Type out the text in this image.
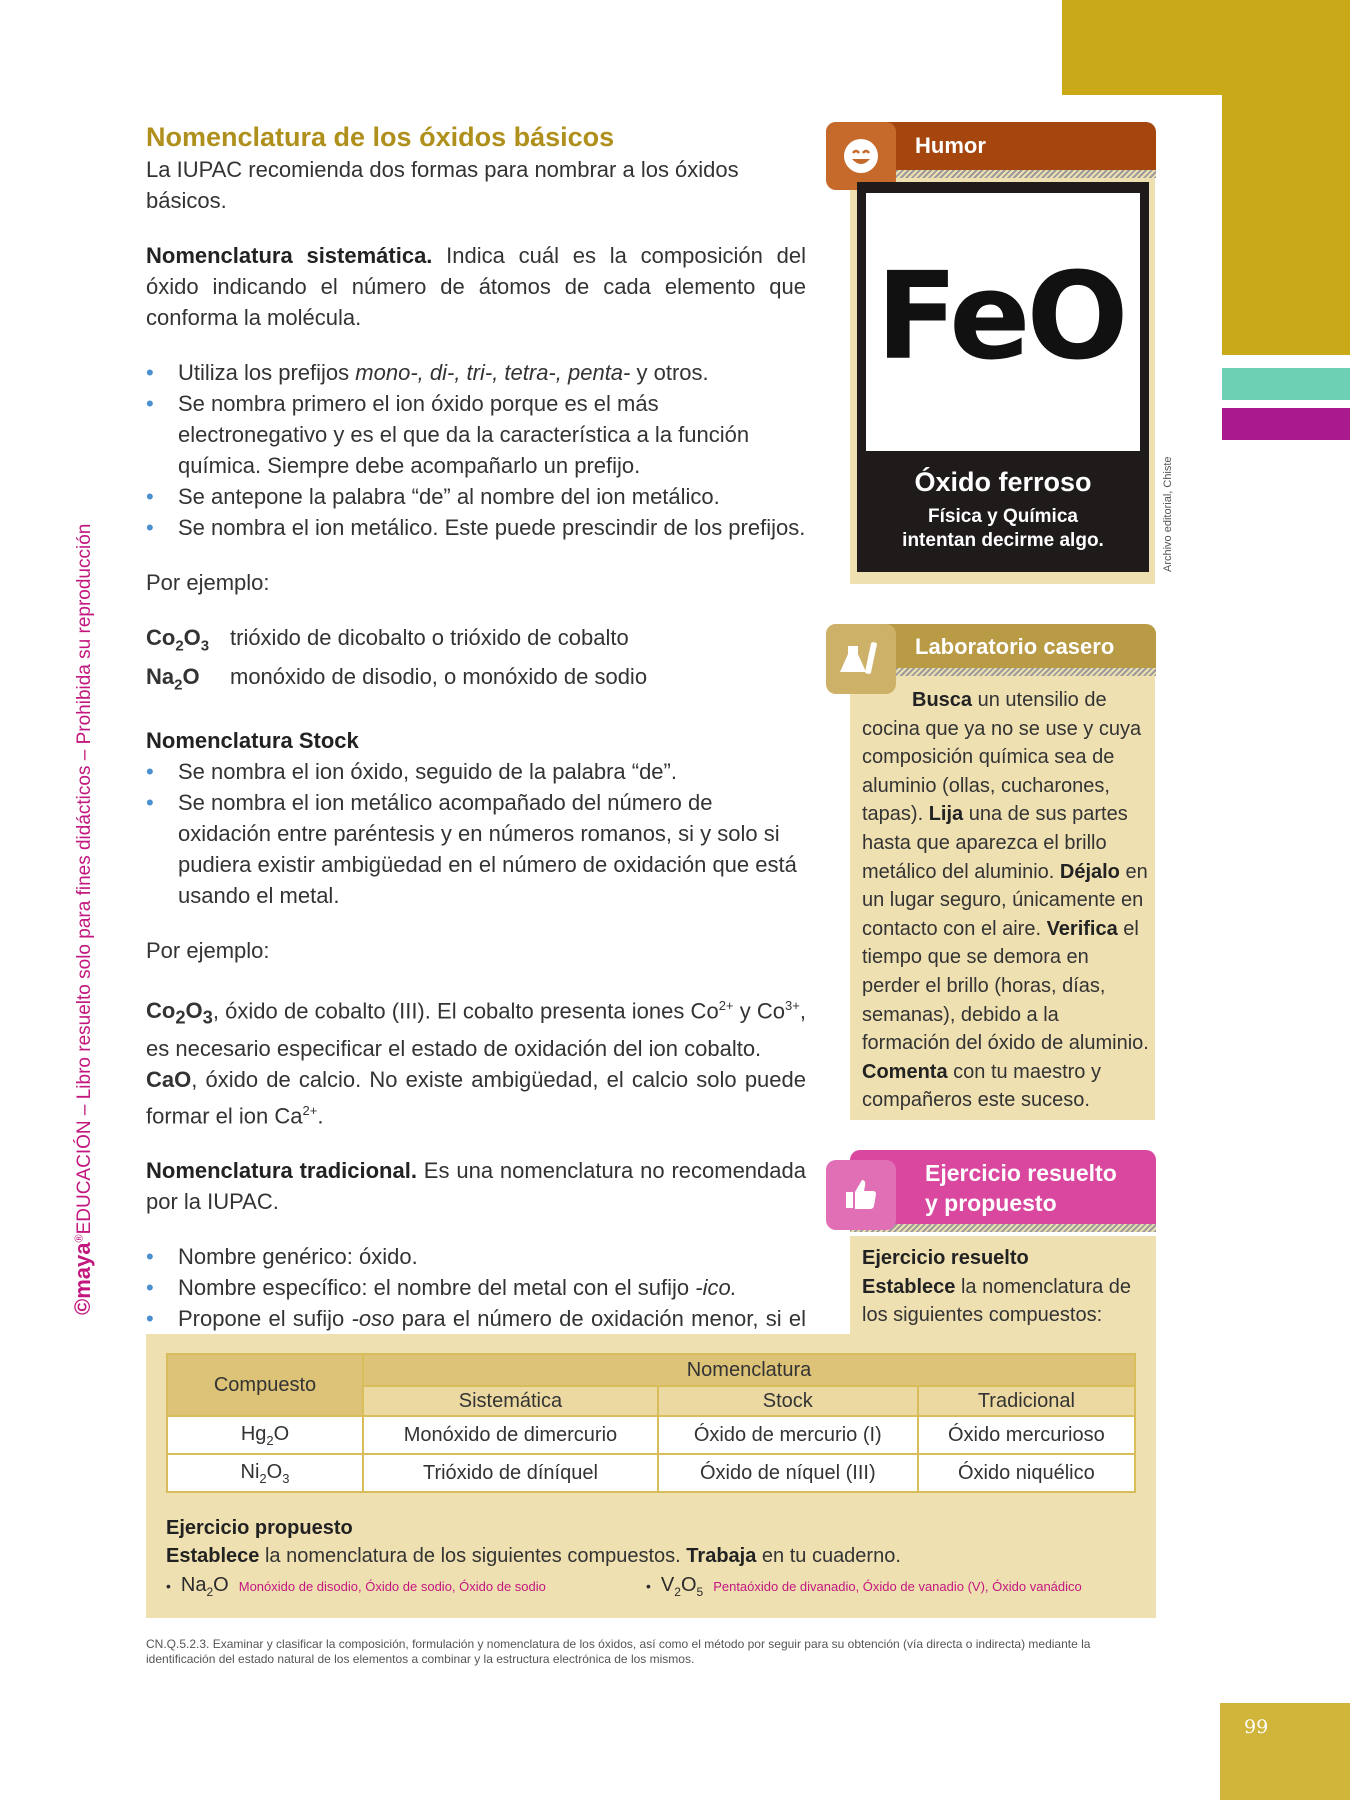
99
©maya®EDUCACIÓN – Libro resuelto solo para fines didácticos – Prohibida su reproducción
Nomenclatura de los óxidos básicos
La IUPAC recomienda dos formas para nombrar a los óxidos básicos.
Nomenclatura sistemática. Indica cuál es la composición del óxido indicando el número de átomos de cada elemento que conforma la molécula.
• Utiliza los prefijos mono-, di-, tri-, tetra-, penta- y otros.
• Se nombra primero el ion óxido porque es el más electronegativo y es el que da la característica a la función química. Siempre debe acompañarlo un prefijo.
• Se antepone la palabra “de” al nombre del ion metálico.
• Se nombra el ion metálico. Este puede prescindir de los prefijos.
Por ejemplo:
$Co_2O_3$ trióxido de dicobalto o trióxido de cobalto
$Na_2O$	monóxido de disodio, o monóxido de sodio
Nomenclatura Stock
• Se nombra el ion óxido, seguido de la palabra “de”.
• Se nombra el ion metálico acompañado del número de oxidación entre paréntesis y en números romanos, si y solo si pudiera existir ambigüedad en el número de oxidación que está usando el metal.
Por ejemplo:
$Co_2O_3$, óxido de cobalto (III). El cobalto presenta iones $Co^{2+}$ y $Co^{3+}$, es necesario especificar el estado de oxidación del ion cobalto.
CaO, óxido de calcio. No existe ambigüedad, el calcio solo puede formar el ion $Ca^{2+}$.
Nomenclatura tradicional. Es una nomenclatura no recomendada por la IUPAC.
• Nombre genérico: óxido.
• Nombre específico: el nombre del metal con el sufijo -ico.
• Propone el sufijo -oso para el número de oxidación menor, si el
Humor
FeO
Óxido ferroso
Física y Química
intentan decirme algo.	Archivo editorial, Chiste
Laboratorio casero
Busca un utensilio de cocina que ya no se use y cuya composición química sea de aluminio (ollas, cucharones, tapas). Lija una de sus partes hasta que aparezca el brillo metálico del aluminio. Déjalo en un lugar seguro, únicamente en contacto con el aire. Verifica el tiempo que se demora en perder el brillo (horas, días, semanas), debido a la formación del óxido de aluminio. Comenta con tu maestro y compañeros este suceso.
Ejercicio resuelto
y propuesto
Ejercicio resuelto
Establece la nomenclatura de los siguientes compuestos:
Compuesto	Nomenclatura		
	Sistemática	Stock	Tradicional
$Hg_2O$	Monóxido de dimercurio	Óxido de mercurio (I)	Óxido mercurioso
$Ni_2O_3$	Trióxido de díníquel	Óxido de níquel (III)	Óxido niquélico
Ejercicio propuesto
Establece la nomenclatura de los siguientes compuestos. Trabaja en tu cuaderno.
• $Na_2O$ Monóxido de disodio, Óxido de sodio, Óxido de sodio	• $V_2O_5$ Pentaóxido de divanadio, Óxido de vanadio (V), Óxido vanádico
CN.Q.5.2.3. Examinar y clasificar la composición, formulación y nomenclatura de los óxidos, así como el método por seguir para su obtención (vía directa o indirecta) mediante la identificación del estado natural de los elementos a combinar y la estructura electrónica de los mismos.
